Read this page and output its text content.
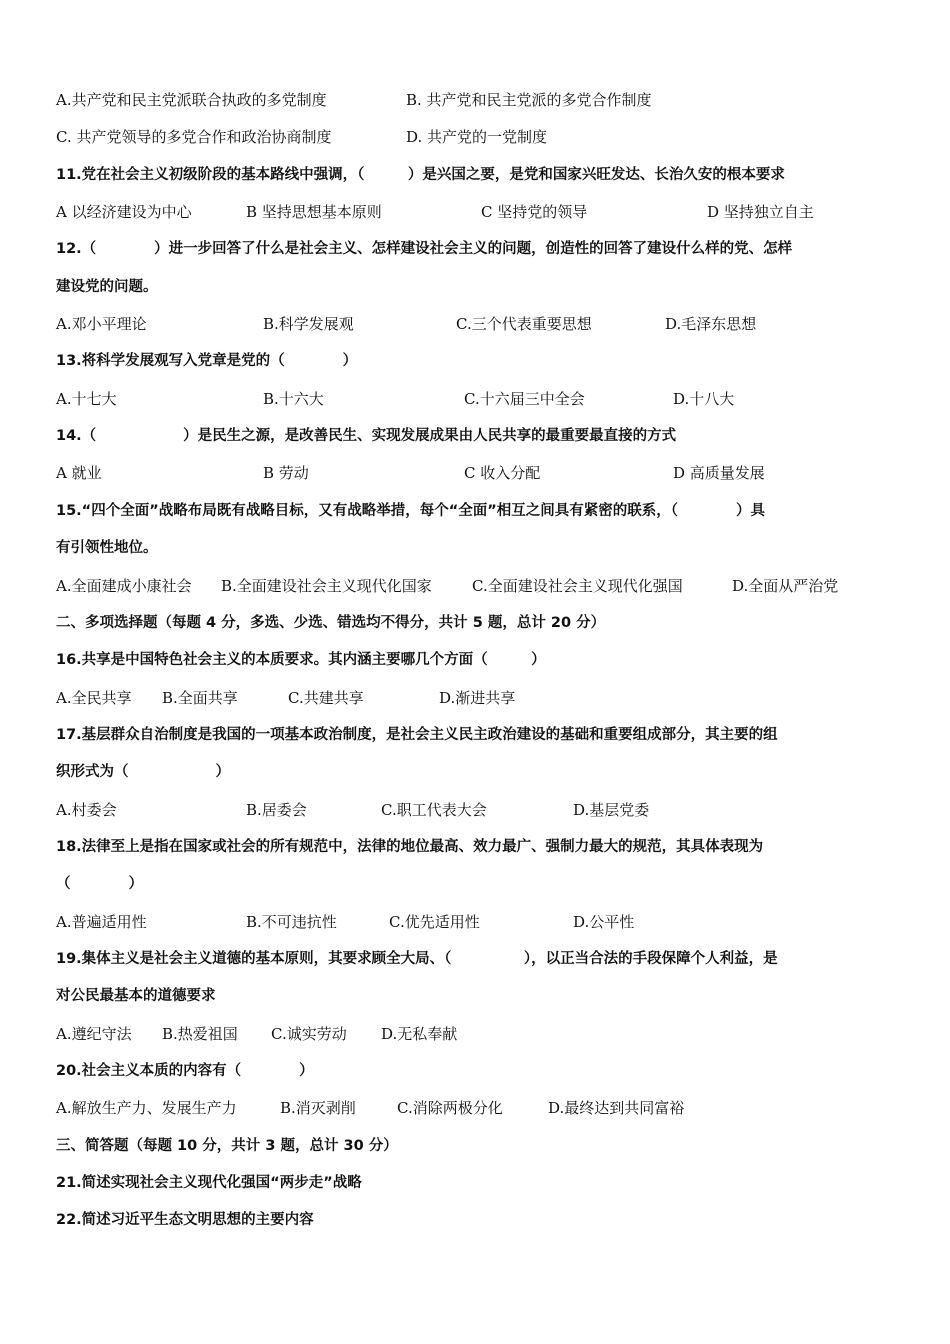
A.共产党和民主党派联合执政的多党制度	B. 共产党和民主党派的多党合作制度
C. 共产党领导的多党合作和政治协商制度	D. 共产党的一党制度
11.党在社会主义初级阶段的基本路线中强调，（　　　）是兴国之要，是党和国家兴旺发达、长治久安的根本要求
A 以经济建设为中心	B 坚持思想基本原则	C 坚持党的领导	D 坚持独立自主
12.（　　　　）进一步回答了什么是社会主义、怎样建设社会主义的问题，创造性的回答了建设什么样的党、怎样
建设党的问题。
A.邓小平理论	B.科学发展观	C.三个代表重要思想	D.毛泽东思想
13.将科学发展观写入党章是党的（　　　　）
A.十七大	B.十六大	C.十六届三中全会	D.十八大
14.（　　　　　　）是民生之源，是改善民生、实现发展成果由人民共享的最重要最直接的方式
A 就业	B 劳动	C 收入分配	D 高质量发展
15.“四个全面”战略布局既有战略目标，又有战略举措，每个“全面”相互之间具有紧密的联系，（　　　　）具
有引领性地位。
A.全面建成小康社会 B.全面建设社会主义现代化国家	C.全面建设社会主义现代化强国	D.全面从严治党
二、多项选择题（每题 4 分，多选、少选、错选均不得分，共计 5 题，总计 20 分）
16.共享是中国特色社会主义的本质要求。其内涵主要哪几个方面（　　　）
A.全民共享 B.全面共享	C.共建共享	D.渐进共享
17.基层群众自治制度是我国的一项基本政治制度，是社会主义民主政治建设的基础和重要组成部分，其主要的组
织形式为（　　　　　　）
A.村委会	B.居委会	C.职工代表大会	D.基层党委
18.法律至上是指在国家或社会的所有规范中，法律的地位最高、效力最广、强制力最大的规范，其具体表现为
（　　　　）
A.普遍适用性	B.不可违抗性	C.优先适用性	D.公平性
19.集体主义是社会主义道德的基本原则，其要求顾全大局、（　　　　　），以正当合法的手段保障个人利益，是
对公民最基本的道德要求
A.遵纪守法 B.热爱祖国 C.诚实劳动 D.无私奉献
20.社会主义本质的内容有（　　　　）
A.解放生产力、发展生产力	B.消灭剥削	C.消除两极分化	D.最终达到共同富裕
三、简答题（每题 10 分，共计 3 题，总计 30 分）
21.简述实现社会主义现代化强国“两步走”战略
22.简述习近平生态文明思想的主要内容
